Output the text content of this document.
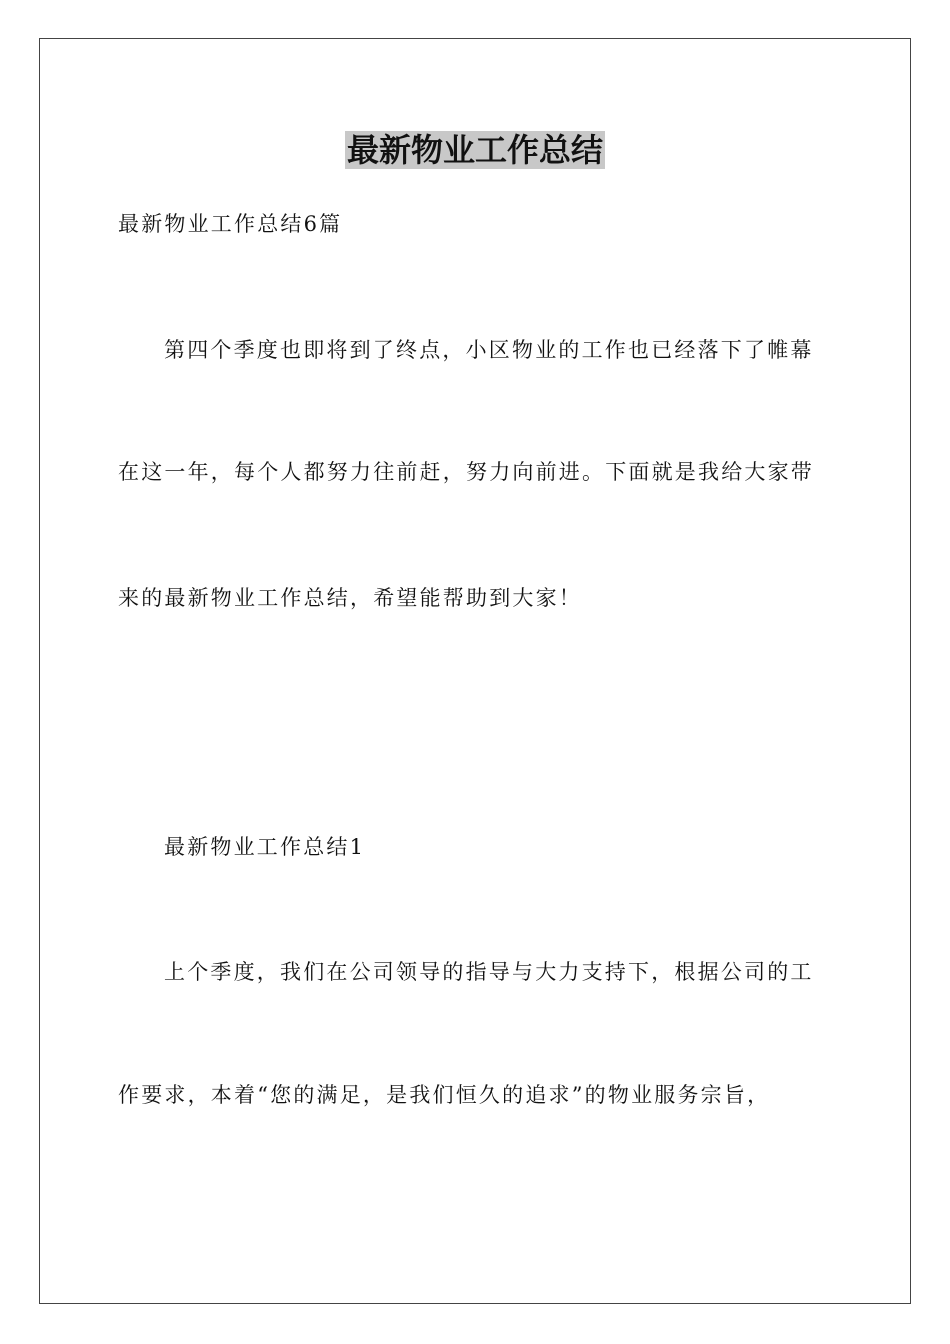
最新物业工作总结

最新物业工作总结6篇

第四个季度也即将到了终点，小区物业的工作也已经落下了帷幕

在这一年，每个人都努力往前赶，努力向前进。下面就是我给大家带

来的最新物业工作总结，希望能帮助到大家！

最新物业工作总结1

上个季度，我们在公司领导的指导与大力支持下，根据公司的工

作要求，本着“您的满足，是我们恒久的追求”的物业服务宗旨，
